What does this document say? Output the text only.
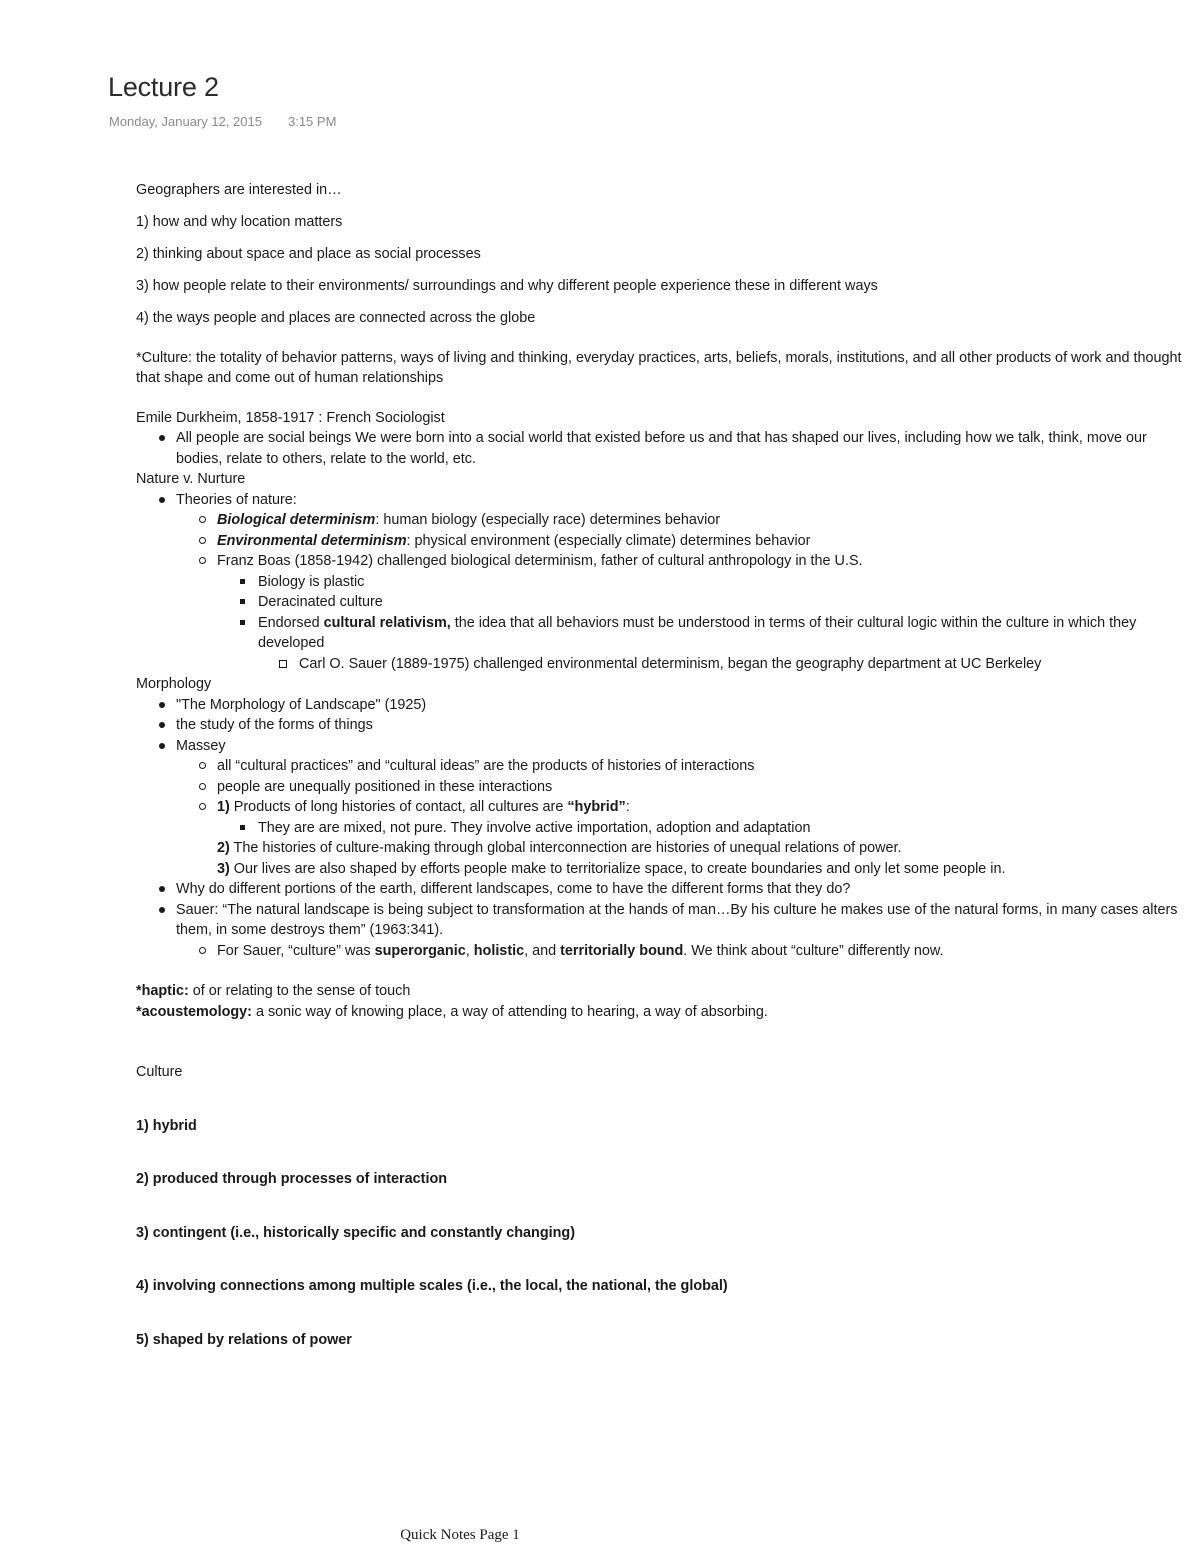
Lecture 2
Monday, January 12, 2015 3:15 PM
Geographers are interested in…
1) how and why location matters
2) thinking about space and place as social processes
3) how people relate to their environments/ surroundings and why different people experience these in different ways
4) the ways people and places are connected across the globe
*Culture: the totality of behavior patterns, ways of living and thinking, everyday practices, arts, beliefs, morals, institutions, and all other products of work and thought that shape and come out of human relationships
Emile Durkheim, 1858-1917 : French Sociologist
All people are social beings We were born into a social world that existed before us and that has shaped our lives, including how we talk, think, move our bodies, relate to others, relate to the world, etc.
Nature v. Nurture
Theories of nature:
Biological determinism: human biology (especially race) determines behavior
Environmental determinism: physical environment (especially climate) determines behavior
Franz Boas (1858-1942) challenged biological determinism, father of cultural anthropology in the U.S.
Biology is plastic
Deracinated culture
Endorsed cultural relativism, the idea that all behaviors must be understood in terms of their cultural logic within the culture in which they developed
Carl O. Sauer (1889-1975) challenged environmental determinism, began the geography department at UC Berkeley
Morphology
"The Morphology of Landscape" (1925)
the study of the forms of things
Massey
all “cultural practices” and “cultural ideas” are the products of histories of interactions
people are unequally positioned in these interactions
1) Products of long histories of contact, all cultures are “hybrid”:
They are are mixed, not pure. They involve active importation, adoption and adaptation
2) The histories of culture-making through global interconnection are histories of unequal relations of power.
3) Our lives are also shaped by efforts people make to territorialize space, to create boundaries and only let some people in.
Why do different portions of the earth, different landscapes, come to have the different forms that they do?
Sauer: “The natural landscape is being subject to transformation at the hands of man…By his culture he makes use of the natural forms, in many cases alters them, in some destroys them” (1963:341).
For Sauer, “culture” was superorganic, holistic, and territorially bound. We think about “culture” differently now.
*haptic: of or relating to the sense of touch
*acoustemology: a sonic way of knowing place, a way of attending to hearing, a way of absorbing.
Culture
1) hybrid
2) produced through processes of interaction
3) contingent (i.e., historically specific and constantly changing)
4) involving connections among multiple scales (i.e., the local, the national, the global)
5) shaped by relations of power
Quick Notes Page 1
